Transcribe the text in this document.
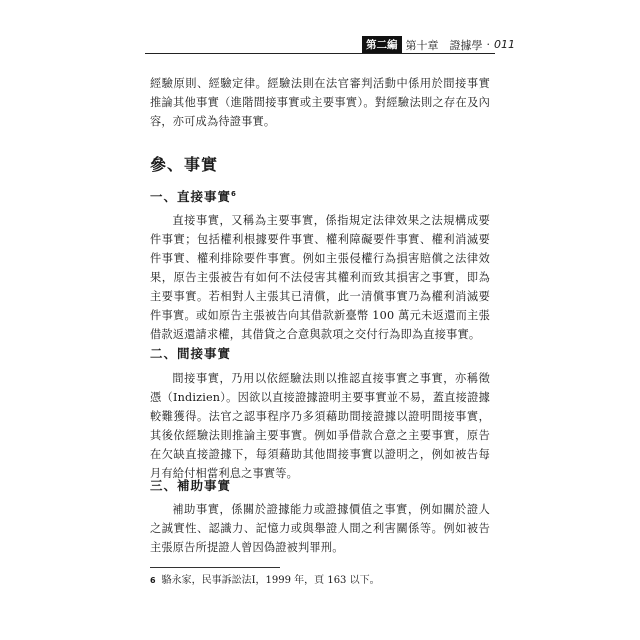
第二編 第十章　證據學 · 011

經驗原則、經驗定律。經驗法則在法官審判活動中係用於間接事實推論其他事實（進階間接事實或主要事實）。對經驗法則之存在及內容，亦可成為待證事實。

參、事實
一、直接事實$^6$

直接事實，又稱為主要事實，係指規定法律效果之法規構成要件事實；包括權利根據要件事實、權利障礙要件事實、權利消滅要件事實、權利排除要件事實。例如主張侵權行為損害賠償之法律效果，原告主張被告有如何不法侵害其權利而致其損害之事實，即為主要事實。若相對人主張其已清償，此一清償事實乃為權利消滅要件事實。或如原告主張被告向其借款新臺幣 100 萬元未返還而主張借款返還請求權，其借貸之合意與款項之交付行為即為直接事實。

二、間接事實

間接事實，乃用以依經驗法則以推認直接事實之事實，亦稱徵憑（Indizien）。因欲以直接證據證明主要事實並不易，蓋直接證據較難獲得。法官之認事程序乃多須藉助間接證據以證明間接事實，其後依經驗法則推論主要事實。例如爭借款合意之主要事實，原告在欠缺直接證據下，每須藉助其他間接事實以證明之，例如被告每月有給付相當利息之事實等。

三、補助事實

補助事實，係關於證據能力或證據價值之事實，例如關於證人之誠實性、認識力、記憶力或與舉證人間之利害關係等。例如被告主張原告所提證人曾因偽證被判罪刑。

$^6$ 駱永家，民事訴訟法Ⅰ，1999 年，頁 163 以下。
